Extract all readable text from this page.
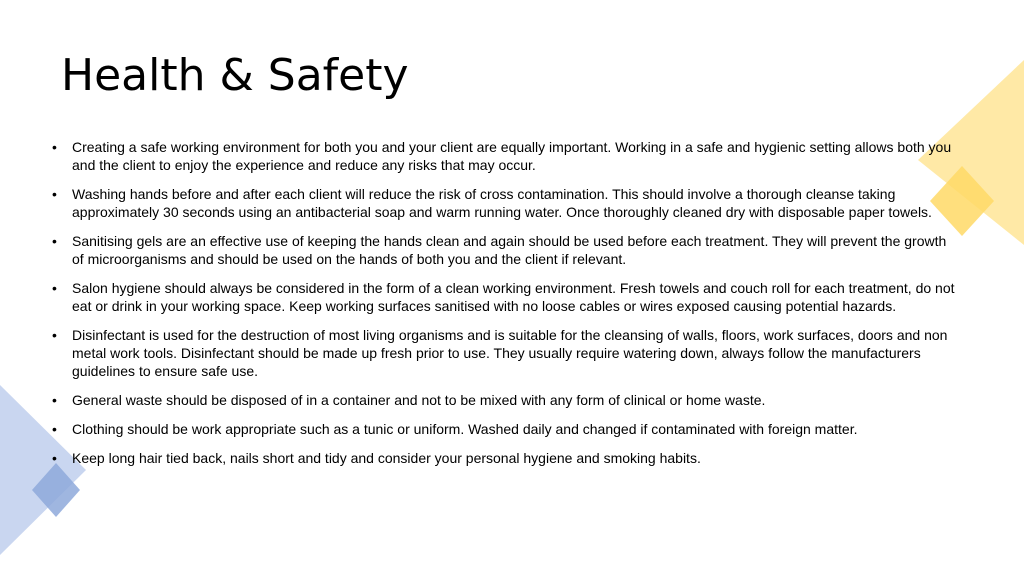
Health & Safety
•	Creating a safe working environment for both you and your client are equally important. Working in a safe and hygienic setting allows both you and the client to enjoy the experience and reduce any risks that may occur.
•	Washing hands before and after each client will reduce the risk of cross contamination. This should involve a thorough cleanse taking approximately 30 seconds using an antibacterial soap and warm running water. Once thoroughly cleaned dry with disposable paper towels.
•	Sanitising gels are an effective use of keeping the hands clean and again should be used before each treatment. They will prevent the growth of microorganisms and should be used on the hands of both you and the client if relevant.
•	Salon hygiene should always be considered in the form of a clean working environment. Fresh towels and couch roll for each treatment, do not eat or drink in your working space. Keep working surfaces sanitised with no loose cables or wires exposed causing potential hazards.
•	Disinfectant is used for the destruction of most living organisms and is suitable for the cleansing of walls, floors, work surfaces, doors and non metal work tools. Disinfectant should be made up fresh prior to use. They usually require watering down, always follow the manufacturers guidelines to ensure safe use.
•	General waste should be disposed of in a container and not to be mixed with any form of clinical or home waste.
•	Clothing should be work appropriate such as a tunic or uniform. Washed daily and changed if contaminated with foreign matter.
•	Keep long hair tied back, nails short and tidy and consider your personal hygiene and smoking habits.
